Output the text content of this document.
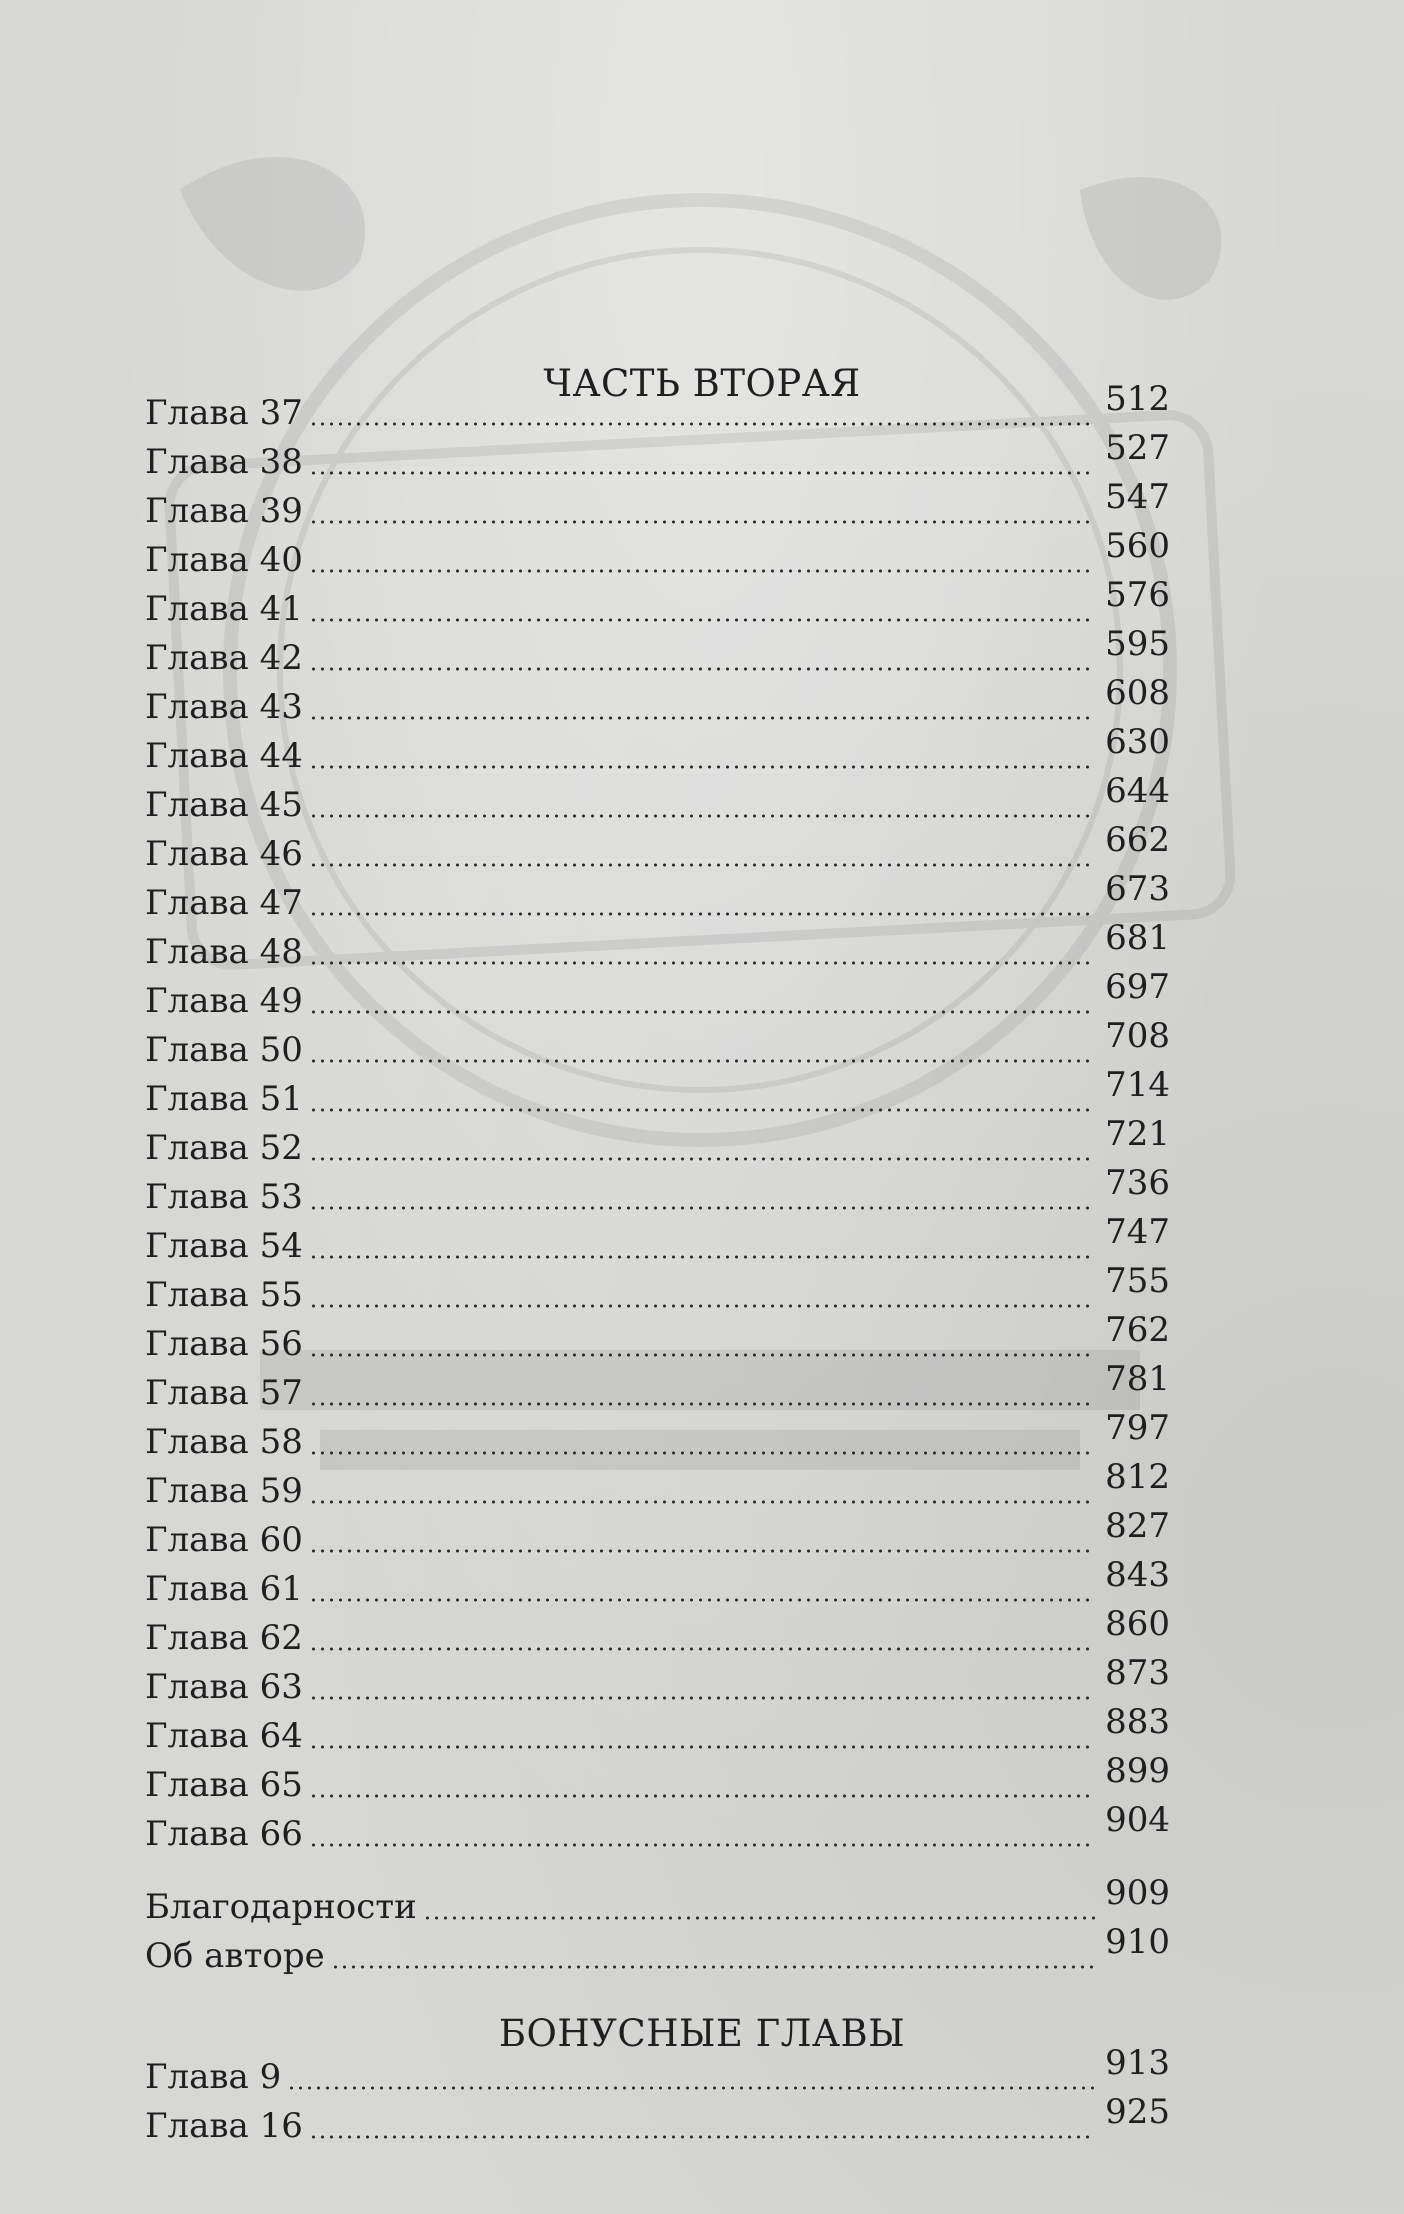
ЧАСТЬ ВТОРАЯ
Глава 37	512
Глава 38	527
Глава 39	547
Глава 40	560
Глава 41	576
Глава 42	595
Глава 43	608
Глава 44	630
Глава 45	644
Глава 46	662
Глава 47	673
Глава 48	681
Глава 49	697
Глава 50	708
Глава 51	714
Глава 52	721
Глава 53	736
Глава 54	747
Глава 55	755
Глава 56	762
Глава 57	781
Глава 58	797
Глава 59	812
Глава 60	827
Глава 61	843
Глава 62	860
Глава 63	873
Глава 64	883
Глава 65	899
Глава 66	904
Благодарности	909
Об авторе	910
БОНУСНЫЕ ГЛАВЫ
Глава 9	913
Глава 16	925
